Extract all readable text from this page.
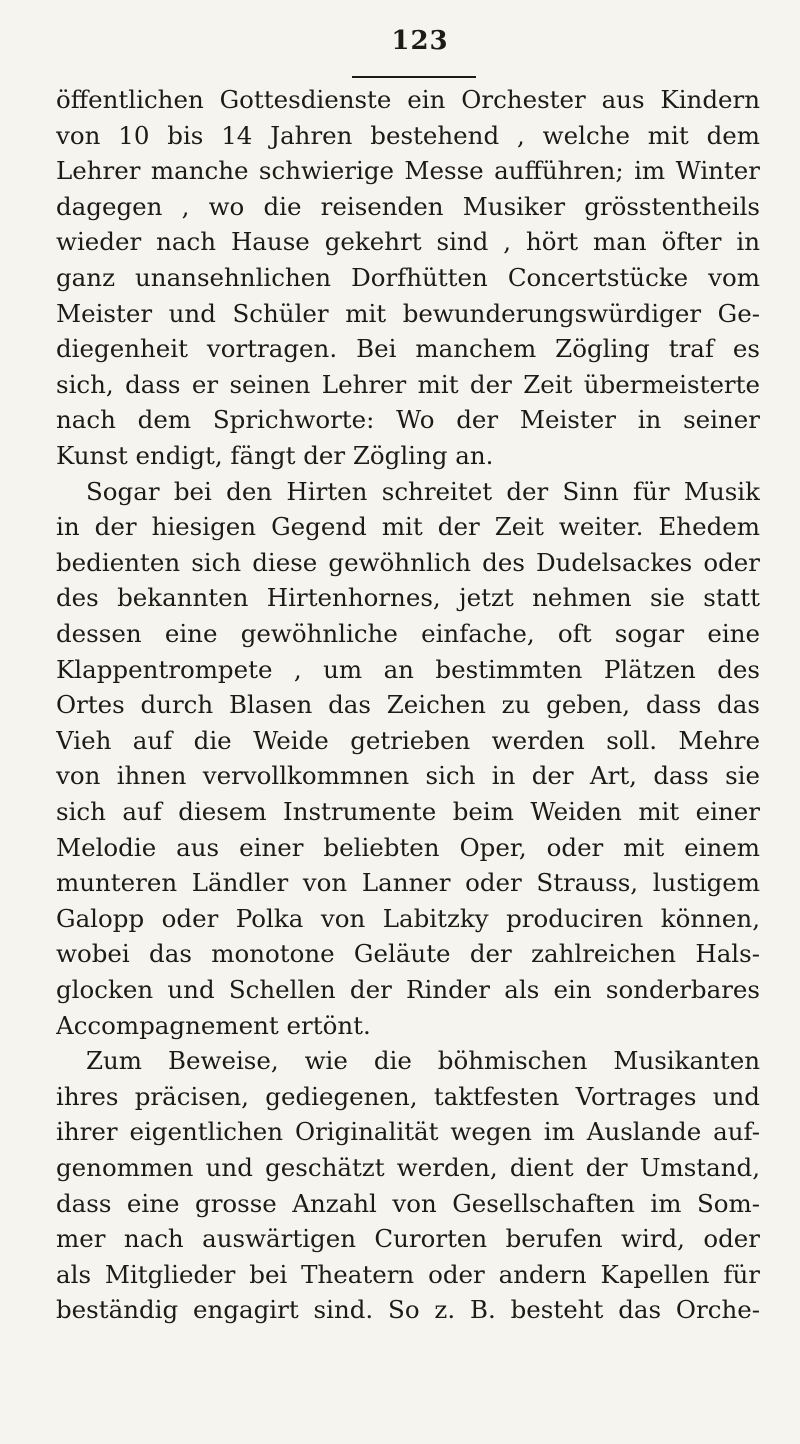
123
öffentlichen Gottesdienste ein Orchester aus Kindern
von 10 bis 14 Jahren bestehend , welche mit dem
Lehrer manche schwierige Messe aufführen; im Winter
dagegen , wo die reisenden Musiker grösstentheils
wieder nach Hause gekehrt sind , hört man öfter in
ganz unansehnlichen Dorfhütten Concertstücke vom
Meister und Schüler mit bewunderungswürdiger Ge-
diegenheit vortragen. Bei manchem Zögling traf es
sich, dass er seinen Lehrer mit der Zeit übermeisterte
nach dem Sprichworte: Wo der Meister in seiner
Kunst endigt, fängt der Zögling an.
Sogar bei den Hirten schreitet der Sinn für Musik
in der hiesigen Gegend mit der Zeit weiter. Ehedem
bedienten sich diese gewöhnlich des Dudelsackes oder
des bekannten Hirtenhornes, jetzt nehmen sie statt
dessen eine gewöhnliche einfache, oft sogar eine
Klappentrompete , um an bestimmten Plätzen des
Ortes durch Blasen das Zeichen zu geben, dass das
Vieh auf die Weide getrieben werden soll. Mehre
von ihnen vervollkommnen sich in der Art, dass sie
sich auf diesem Instrumente beim Weiden mit einer
Melodie aus einer beliebten Oper, oder mit einem
munteren Ländler von Lanner oder Strauss, lustigem
Galopp oder Polka von Labitzky produciren können,
wobei das monotone Geläute der zahlreichen Hals-
glocken und Schellen der Rinder als ein sonderbares
Accompagnement ertönt.
Zum Beweise, wie die böhmischen Musikanten
ihres präcisen, gediegenen, taktfesten Vortrages und
ihrer eigentlichen Originalität wegen im Auslande auf-
genommen und geschätzt werden, dient der Umstand,
dass eine grosse Anzahl von Gesellschaften im Som-
mer nach auswärtigen Curorten berufen wird, oder
als Mitglieder bei Theatern oder andern Kapellen für
beständig engagirt sind. So z. B. besteht das Orche-
